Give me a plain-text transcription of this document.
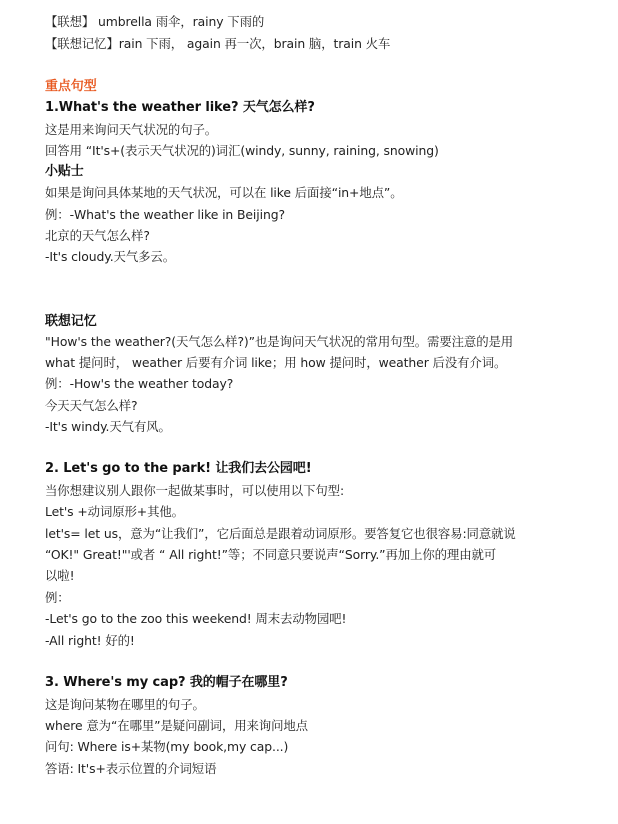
【联想】 umbrella 雨伞，rainy 下雨的
【联想记忆】rain 下雨， again 再一次，brain 脑，train 火车
重点句型
1.What's the weather like? 天气怎么样?
这是用来询问天气状况的句子。
回答用 “It's+(表示天气状况的)词汇(windy, sunny, raining, snowing)
小贴士
如果是询问具体某地的天气状况，可以在 like 后面接“in+地点”。
例：-What's the weather like in Beijing?
北京的天气怎么样?
-It's cloudy.天气多云。
联想记忆
"How's the weather?(天气怎么样?)”也是询问天气状况的常用句型。需要注意的是用
what 提问时， weather 后要有介词 like；用 how 提问时，weather 后没有介词。
例：-How's the weather today?
今天天气怎么样?
-It's windy.天气有风。
2. Let's go to the park! 让我们去公园吧!
当你想建议别人跟你一起做某事时，可以使用以下句型:
Let's +动词原形+其他。
let's= let us，意为“让我们”，它后面总是跟着动词原形。要答复它也很容易:同意就说
“OK!" Great!"'或者 “ All right!”等；不同意只要说声“Sorry.”再加上你的理由就可
以啦!
例：
-Let's go to the zoo this weekend! 周末去动物园吧!
-All right! 好的!
3. Where's my cap? 我的帽子在哪里?
这是询问某物在哪里的句子。
where 意为“在哪里”是疑问副词，用来询问地点
问句: Where is+某物(my book,my cap...)
答语: It's+表示位置的介词短语
